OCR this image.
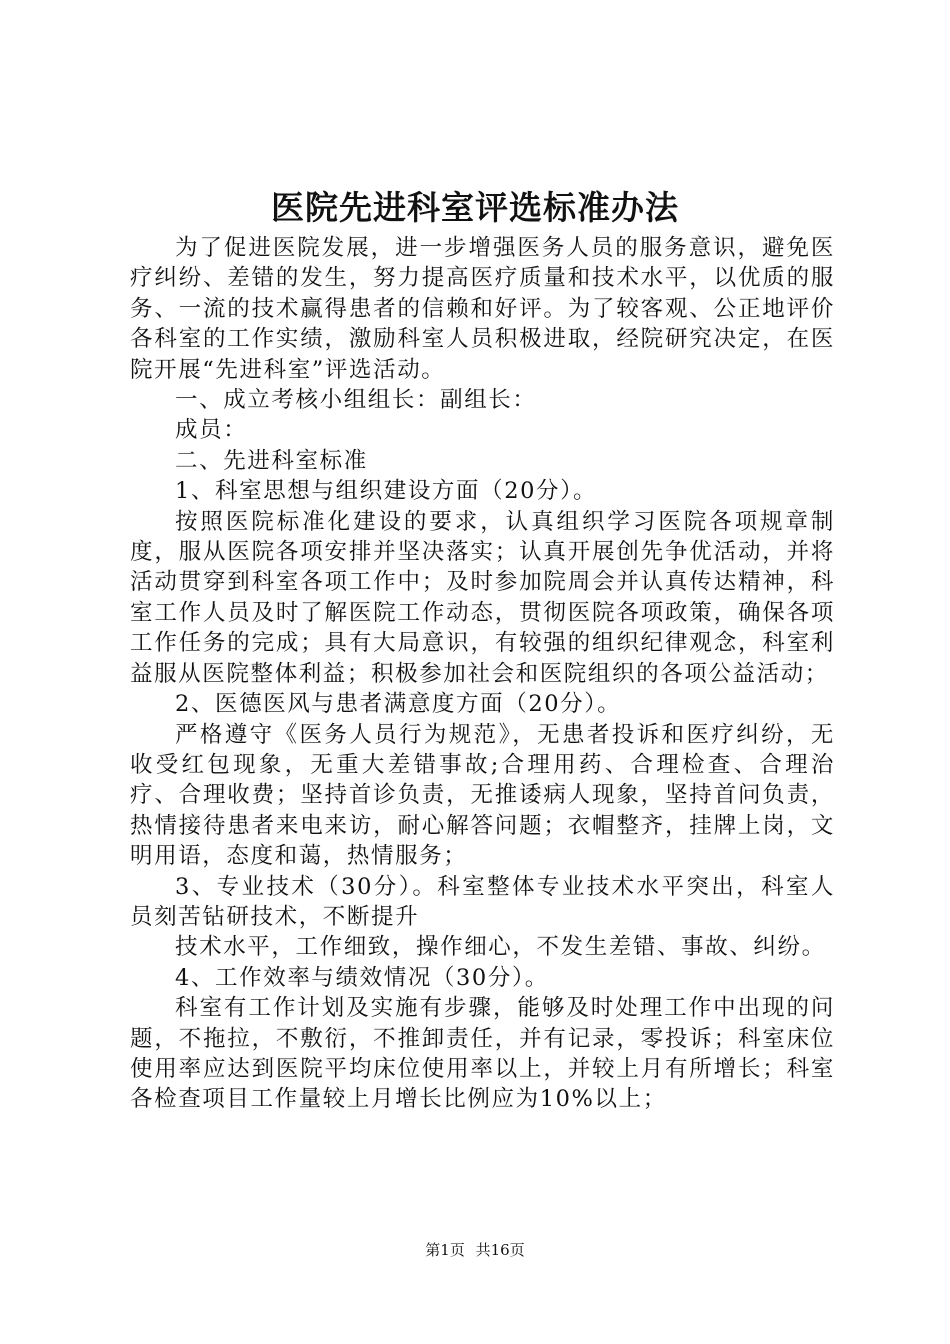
医院先进科室评选标准办法

为了促进医院发展，进一步增强医务人员的服务意识，避免医疗纠纷、差错的发生，努力提高医疗质量和技术水平，以优质的服务、一流的技术赢得患者的信赖和好评。为了较客观、公正地评价各科室的工作实绩，激励科室人员积极进取，经院研究决定，在医院开展“先进科室”评选活动。

一、成立考核小组组长：副组长：

成员：

二、先进科室标准

1、科室思想与组织建设方面（20分）。

按照医院标准化建设的要求，认真组织学习医院各项规章制度，服从医院各项安排并坚决落实；认真开展创先争优活动，并将活动贯穿到科室各项工作中；及时参加院周会并认真传达精神，科室工作人员及时了解医院工作动态，贯彻医院各项政策，确保各项工作任务的完成；具有大局意识，有较强的组织纪律观念，科室利益服从医院整体利益；积极参加社会和医院组织的各项公益活动；

2、医德医风与患者满意度方面（20分）。

严格遵守《医务人员行为规范》，无患者投诉和医疗纠纷，无收受红包现象，无重大差错事故;合理用药、合理检查、合理治疗、合理收费；坚持首诊负责，无推诿病人现象，坚持首问负责，热情接待患者来电来访，耐心解答问题；衣帽整齐，挂牌上岗，文明用语，态度和蔼，热情服务；

3、专业技术（30分）。科室整体专业技术水平突出，科室人员刻苦钻研技术，不断提升

技术水平，工作细致，操作细心，不发生差错、事故、纠纷。

4、工作效率与绩效情况（30分）。

科室有工作计划及实施有步骤，能够及时处理工作中出现的问题，不拖拉，不敷衍，不推卸责任，并有记录，零投诉；科室床位使用率应达到医院平均床位使用率以上，并较上月有所增长；科室各检查项目工作量较上月增长比例应为10%以上；

第1页 共16页
